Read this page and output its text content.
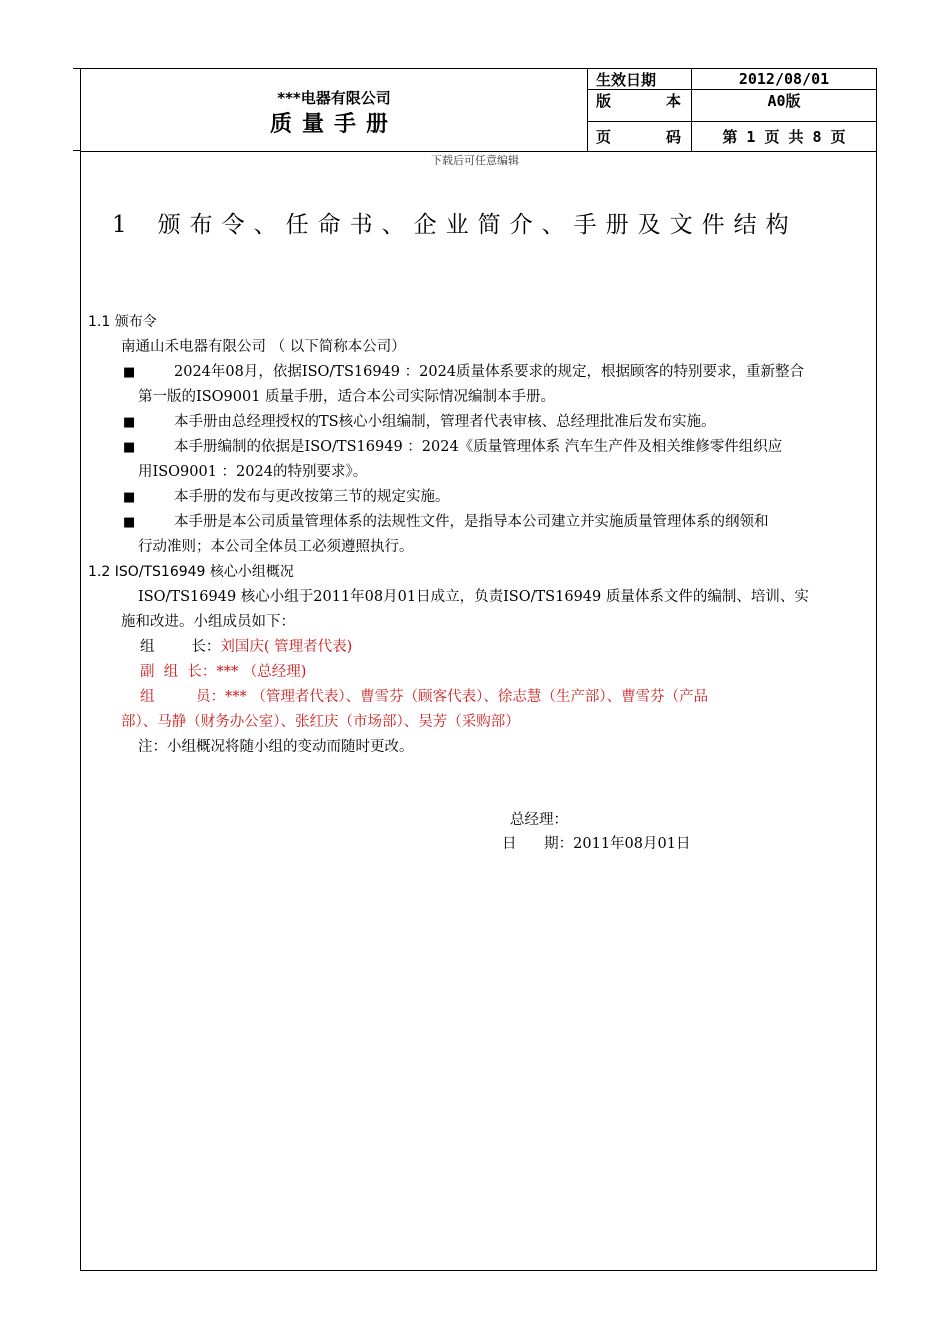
***电器有限公司
质量手册
生效日期	2012/08/01
版	本	A0版
页	码	第 1 页 共 8 页
下载后可任意编辑
1 颁布令、任命书、企业简介、手册及文件结构
1.1 颁布令
南通山禾电器有限公司 （ 以下简称本公司）
■	2024年08月，依据ISO/TS16949 ：2024质量体系要求的规定，根据顾客的特别要求，重新整合
第一版的ISO9001 质量手册，适合本公司实际情况编制本手册。
■	本手册由总经理授权的TS核心小组编制，管理者代表审核、总经理批准后发布实施。
■	本手册编制的依据是ISO/TS16949 ：2024《质量管理体系 汽车生产件及相关维修零件组织应
用ISO9001 ：2024的特别要求》。
■	本手册的发布与更改按第三节的规定实施。
■	本手册是本公司质量管理体系的法规性文件，是指导本公司建立并实施质量管理体系的纲领和
行动准则；本公司全体员工必须遵照执行。
1.2 ISO/TS16949 核心小组概况
ISO/TS16949 核心小组于2011年08月01日成立，负责ISO/TS16949 质量体系文件的编制、培训、实
施和改进。小组成员如下：
组        长：刘国庆( 管理者代表)
副  组  长：*** （总经理)
组         员：*** （管理者代表）、曹雪芬（顾客代表）、徐志慧（生产部）、曹雪芬（产品
部）、马静（财务办公室）、张红庆（市场部）、吴芳（采购部）
注：小组概况将随小组的变动而随时更改。
总经理：
日      期：2011年08月01日
